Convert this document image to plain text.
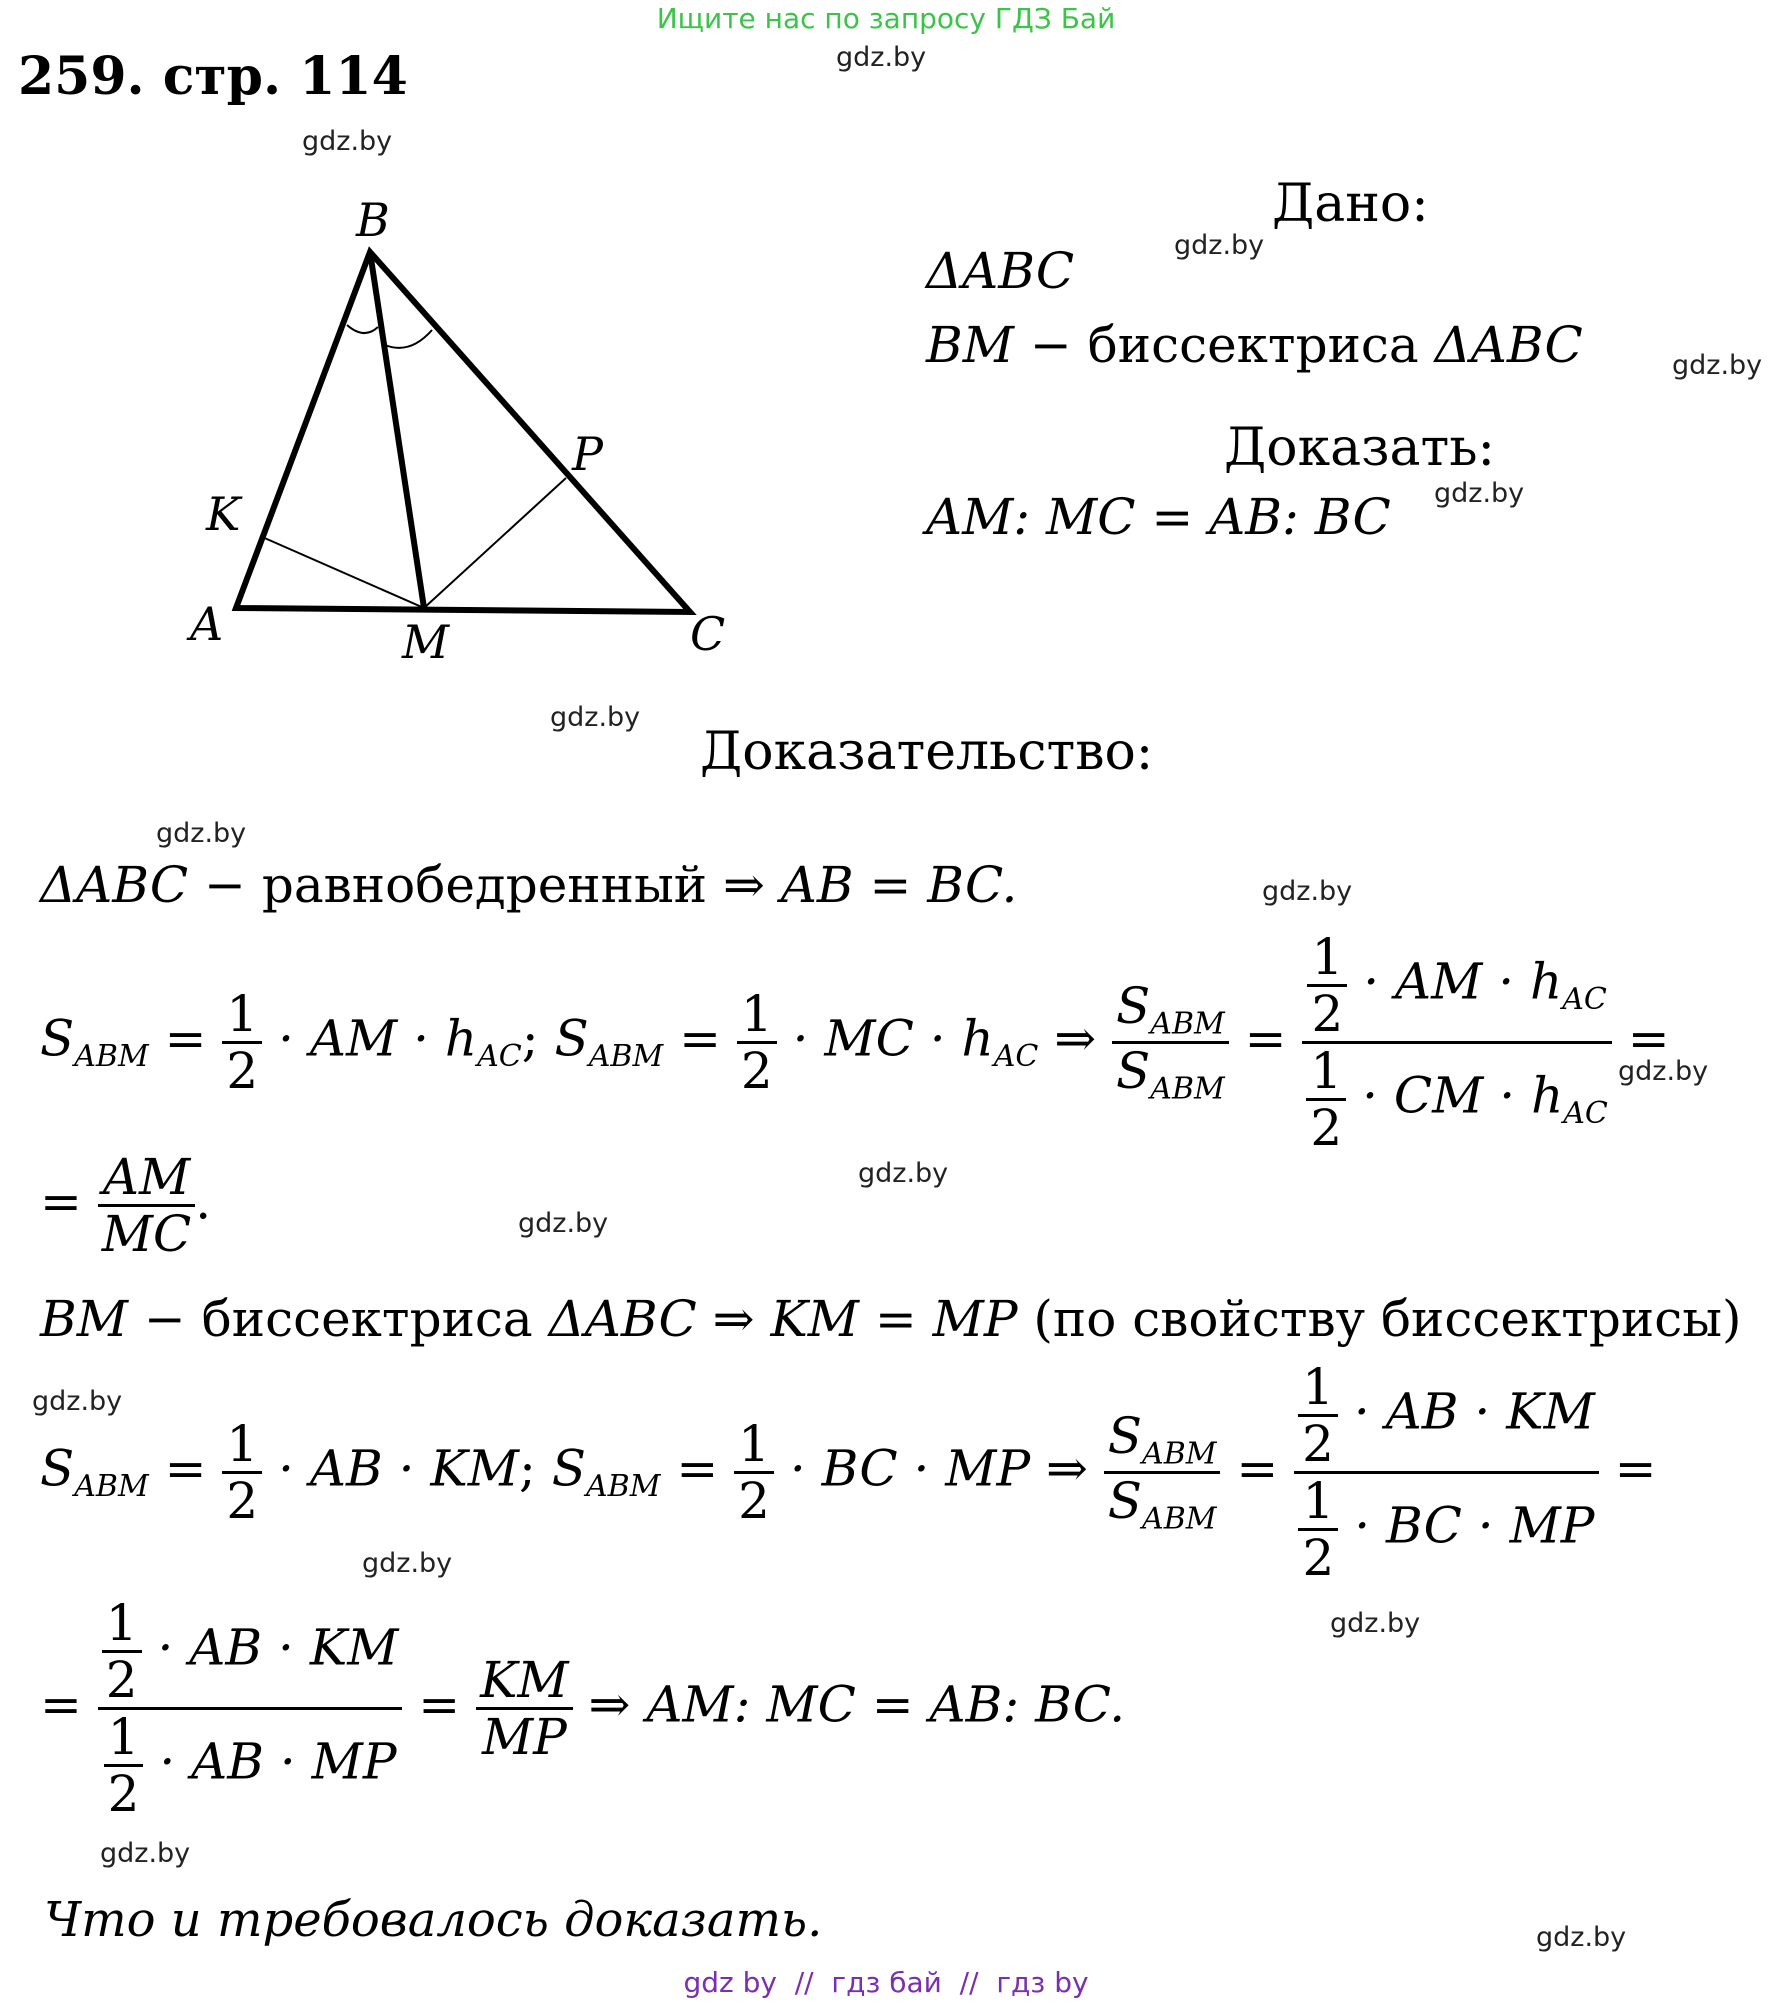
Ищите нас по запросу ГДЗ Бай
259. стр. 114	gdz.by
gdz.by
gdz.by
gdz.by
gdz.by
gdz.by
gdz.by
gdz.by
gdz.by
gdz.by
gdz.by
gdz.by
gdz.by
gdz.by
gdz.by
gdz.by
B
K
P
A	M	C
Дано:
ΔABC
BM − биссектриса ΔABC
Доказать:
AM: MC = AB: BC
Доказательство:
ΔABC − равнобедренный ⇒ AB = BC.
$S_{ABM} = \frac{1}{2}$ · AM · $h_{AC}$; $S_{ABM} = \frac{1}{2}$ · MC · $h_{AC}$ ⇒ $\frac{S_{ABM}}{S_{ABM}} = \frac{\frac{1}{2} \cdot AM \cdot h_{AC}}{\frac{1}{2} \cdot CM \cdot h_{AC}}$ =
= $\frac{AM}{MC}$ .
BM − биссектриса ΔABC ⇒ KM = MP (по свойству биссектрисы)
$S_{ABM} = \frac{1}{2}$ · AB · KM; $S_{ABM} = \frac{1}{2}$ · BC · MP ⇒ $\frac{S_{ABM}}{S_{ABM}} = \frac{\frac{1}{2} \cdot AB \cdot KM}{\frac{1}{2} \cdot BC \cdot MP}$ =
= $\frac{\frac{1}{2} \cdot AB \cdot KM}{\frac{1}{2} \cdot AB \cdot MP} = \frac{KM}{MP}$ ⇒ AM: MC = AB: BC.
Что и требовалось доказать.
gdz by  //  гдз бай  //  гдз by
